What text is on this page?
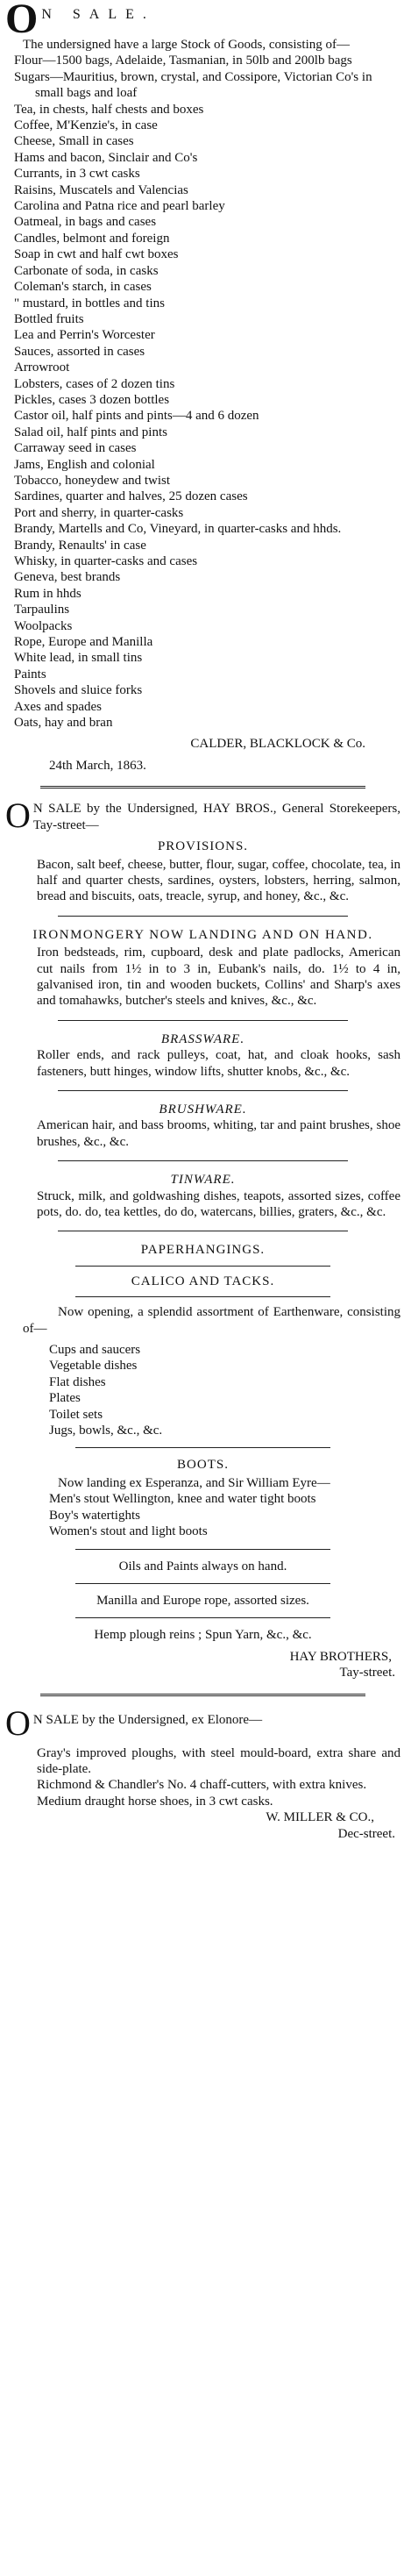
O N SALE.
The undersigned have a large Stock of Goods, consisting of—
Flour—1500 bags, Adelaide, Tasmanian, in 50lb and 200lb bags
Sugars—Mauritius, brown, crystal, and Cossipore, Victorian Co's in small bags and loaf
Tea, in chests, half chests and boxes
Coffee, M'Kenzie's, in case
Cheese, Small in cases
Hams and bacon, Sinclair and Co's
Currants, in 3 cwt casks
Raisins, Muscatels and Valencias
Carolina and Patna rice and pearl barley
Oatmeal, in bags and cases
Candles, belmont and foreign
Soap in cwt and half cwt boxes
Carbonate of soda, in casks
Coleman's starch, in cases
" mustard, in bottles and tins
Bottled fruits
Lea and Perrin's Worcester
Sauces, assorted in cases
Arrowroot
Lobsters, cases of 2 dozen tins
Pickles, cases 3 dozen bottles
Castor oil, half pints and pints—4 and 6 dozen
Salad oil, half pints and pints
Carraway seed in cases
Jams, English and colonial
Tobacco, honeydew and twist
Sardines, quarter and halves, 25 dozen cases
Port and sherry, in quarter-casks
Brandy, Martells and Co, Vineyard, in quarter-casks and hhds.
Brandy, Renaults' in case
Whisky, in quarter-casks and cases
Geneva, best brands
Rum in hhds
Tarpaulins
Woolpacks
Rope, Europe and Manilla
White lead, in small tins
Paints
Shovels and sluice forks
Axes and spades
Oats, hay and bran
CALDER, BLACKLOCK & Co.
24th March, 1863.
O N SALE by the Undersigned, HAY BROS., General Storekeepers, Tay-street—
PROVISIONS.
Bacon, salt beef, cheese, butter, flour, sugar, coffee, chocolate, tea, in half and quarter chests, sardines, oysters, lobsters, herring, salmon, bread and biscuits, oats, treacle, syrup, and honey, &c., &c.
IRONMONGERY NOW LANDING AND ON HAND.
Iron bedsteads, rim, cupboard, desk and plate padlocks, American cut nails from 1½ in to 3 in, Eubank's nails, do. 1½ to 4 in, galvanised iron, tin and wooden buckets, Collins' and Sharp's axes and tomahawks, butcher's steels and knives, &c., &c.
BRASSWARE.
Roller ends, and rack pulleys, coat, hat, and cloak hooks, sash fasteners, butt hinges, window lifts, shutter knobs, &c., &c.
BRUSHWARE.
American hair, and bass brooms, whiting, tar and paint brushes, shoe brushes, &c., &c.
TINWARE.
Struck, milk, and goldwashing dishes, teapots, assorted sizes, coffee pots, do. do, tea kettles, do do, watercans, billies, graters, &c., &c.
PAPERHANGINGS.
CALICO AND TACKS.
Now opening, a splendid assortment of Earthenware, consisting of—
Cups and saucers
Vegetable dishes
Flat dishes
Plates
Toilet sets
Jugs, bowls, &c., &c.
BOOTS.
Now landing ex Esperanza, and Sir William Eyre—
Men's stout Wellington, knee and water tight boots
Boy's watertights
Women's stout and light boots
Oils and Paints always on hand.
Manilla and Europe rope, assorted sizes.
Hemp plough reins ; Spun Yarn, &c., &c.
HAY BROTHERS,
Tay-street.
O N SALE by the Undersigned, ex Elonore—
Gray's improved ploughs, with steel mould-board, extra share and side-plate.
Richmond & Chandler's No. 4 chaff-cutters, with extra knives.
Medium draught horse shoes, in 3 cwt casks.
W. MILLER & CO.,
Dec-street.
